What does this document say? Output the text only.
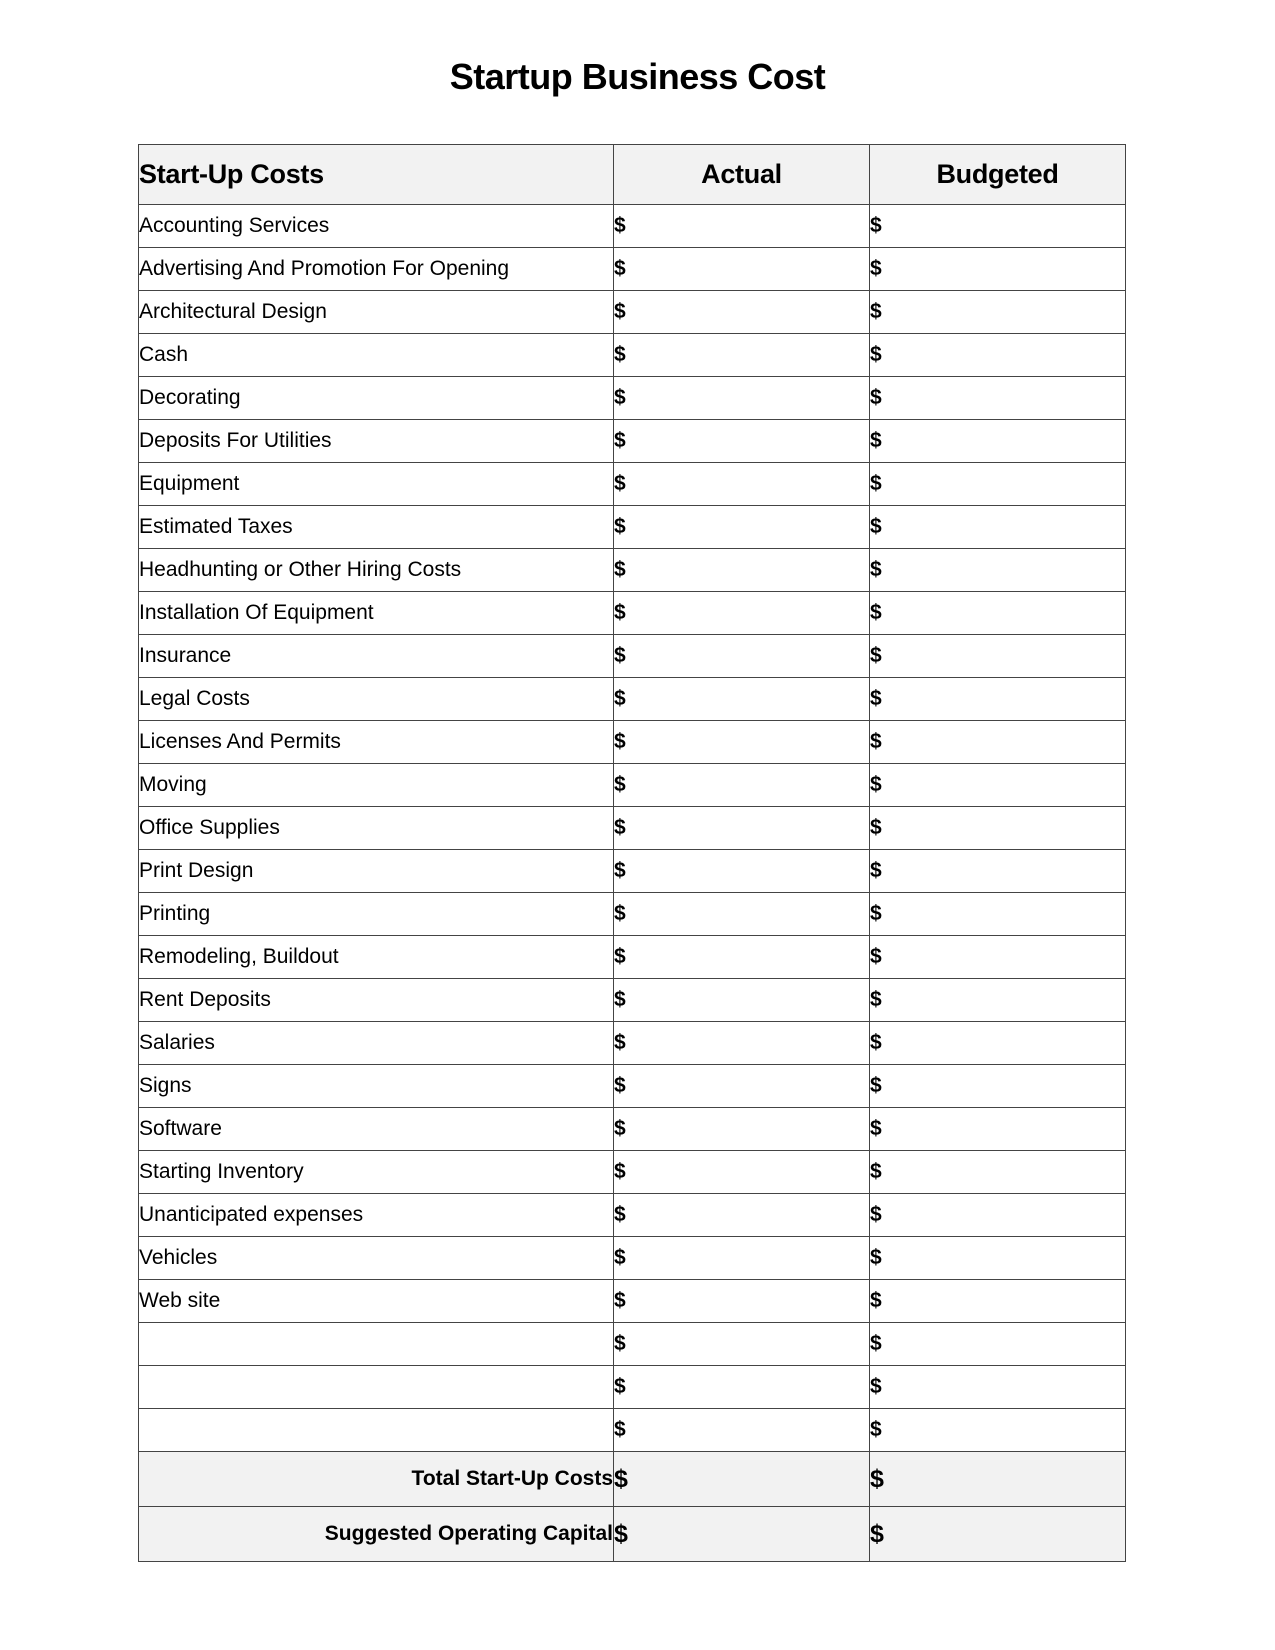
Startup Business Cost
Start-Up Costs	Actual	Budgeted
Accounting Services	$	$
Advertising And Promotion For Opening	$	$
Architectural Design	$	$
Cash	$	$
Decorating	$	$
Deposits For Utilities	$	$
Equipment	$	$
Estimated Taxes	$	$
Headhunting or Other Hiring Costs	$	$
Installation Of Equipment	$	$
Insurance	$	$
Legal Costs	$	$
Licenses And Permits	$	$
Moving	$	$
Office Supplies	$	$
Print Design	$	$
Printing	$	$
Remodeling, Buildout	$	$
Rent Deposits	$	$
Salaries	$	$
Signs	$	$
Software	$	$
Starting Inventory	$	$
Unanticipated expenses	$	$
Vehicles	$	$
Web site	$	$
	$	$
	$	$
	$	$
Total Start-Up Costs	$	$
Suggested Operating Capital	$	$
